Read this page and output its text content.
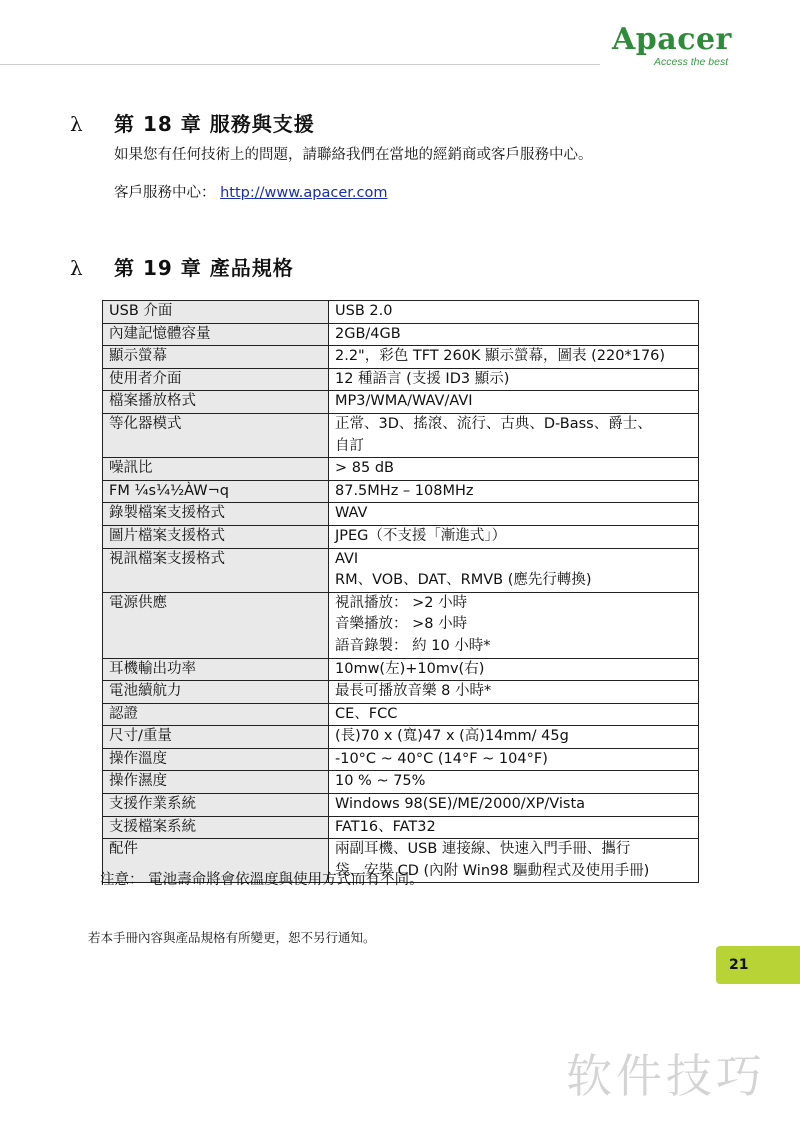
Apacer
Access the best
λ	第 18 章 服務與支援
如果您有任何技術上的問題，請聯絡我們在當地的經銷商或客戶服務中心。
客戶服務中心： http://www.apacer.com
λ	第 19 章 產品規格
USB 介面	USB 2.0

內建記憶體容量	2GB/4GB

顯示螢幕	2.2"，彩色 TFT 260K 顯示螢幕，圖表 (220*176)

使用者介面	12 種語言 (支援 ID3 顯示)

檔案播放格式	MP3/WMA/WAV/AVI

等化器模式	正常、3D、搖滾、流行、古典、D-Bass、爵士、
自訂

噪訊比	> 85 dB

FM ¼s¼½ÀW¬q	87.5MHz – 108MHz

錄製檔案支援格式	WAV

圖片檔案支援格式	JPEG（不支援「漸進式」）

視訊檔案支援格式	AVI
RM、VOB、DAT、RMVB (應先行轉換)

電源供應	視訊播放： >2 小時
音樂播放： >8 小時
語音錄製： 約 10 小時*

耳機輸出功率	10mw(左)+10mv(右)

電池續航力	最長可播放音樂 8 小時*

認證	CE、FCC

尺寸/重量	(長)70 x (寬)47 x (高)14mm/ 45g

操作溫度	-10°C ~ 40°C (14°F ~ 104°F)

操作濕度	10 % ~ 75%

支援作業系統	Windows 98(SE)/ME/2000/XP/Vista

支援檔案系統	FAT16、FAT32

配件	兩副耳機、USB 連接線、快速入門手冊、攜行
袋、安裝 CD (內附 Win98 驅動程式及使用手冊)
注意： 電池壽命將會依溫度與使用方式而有不同。
若本手冊內容與產品規格有所變更，恕不另行通知。
21
软件技巧
